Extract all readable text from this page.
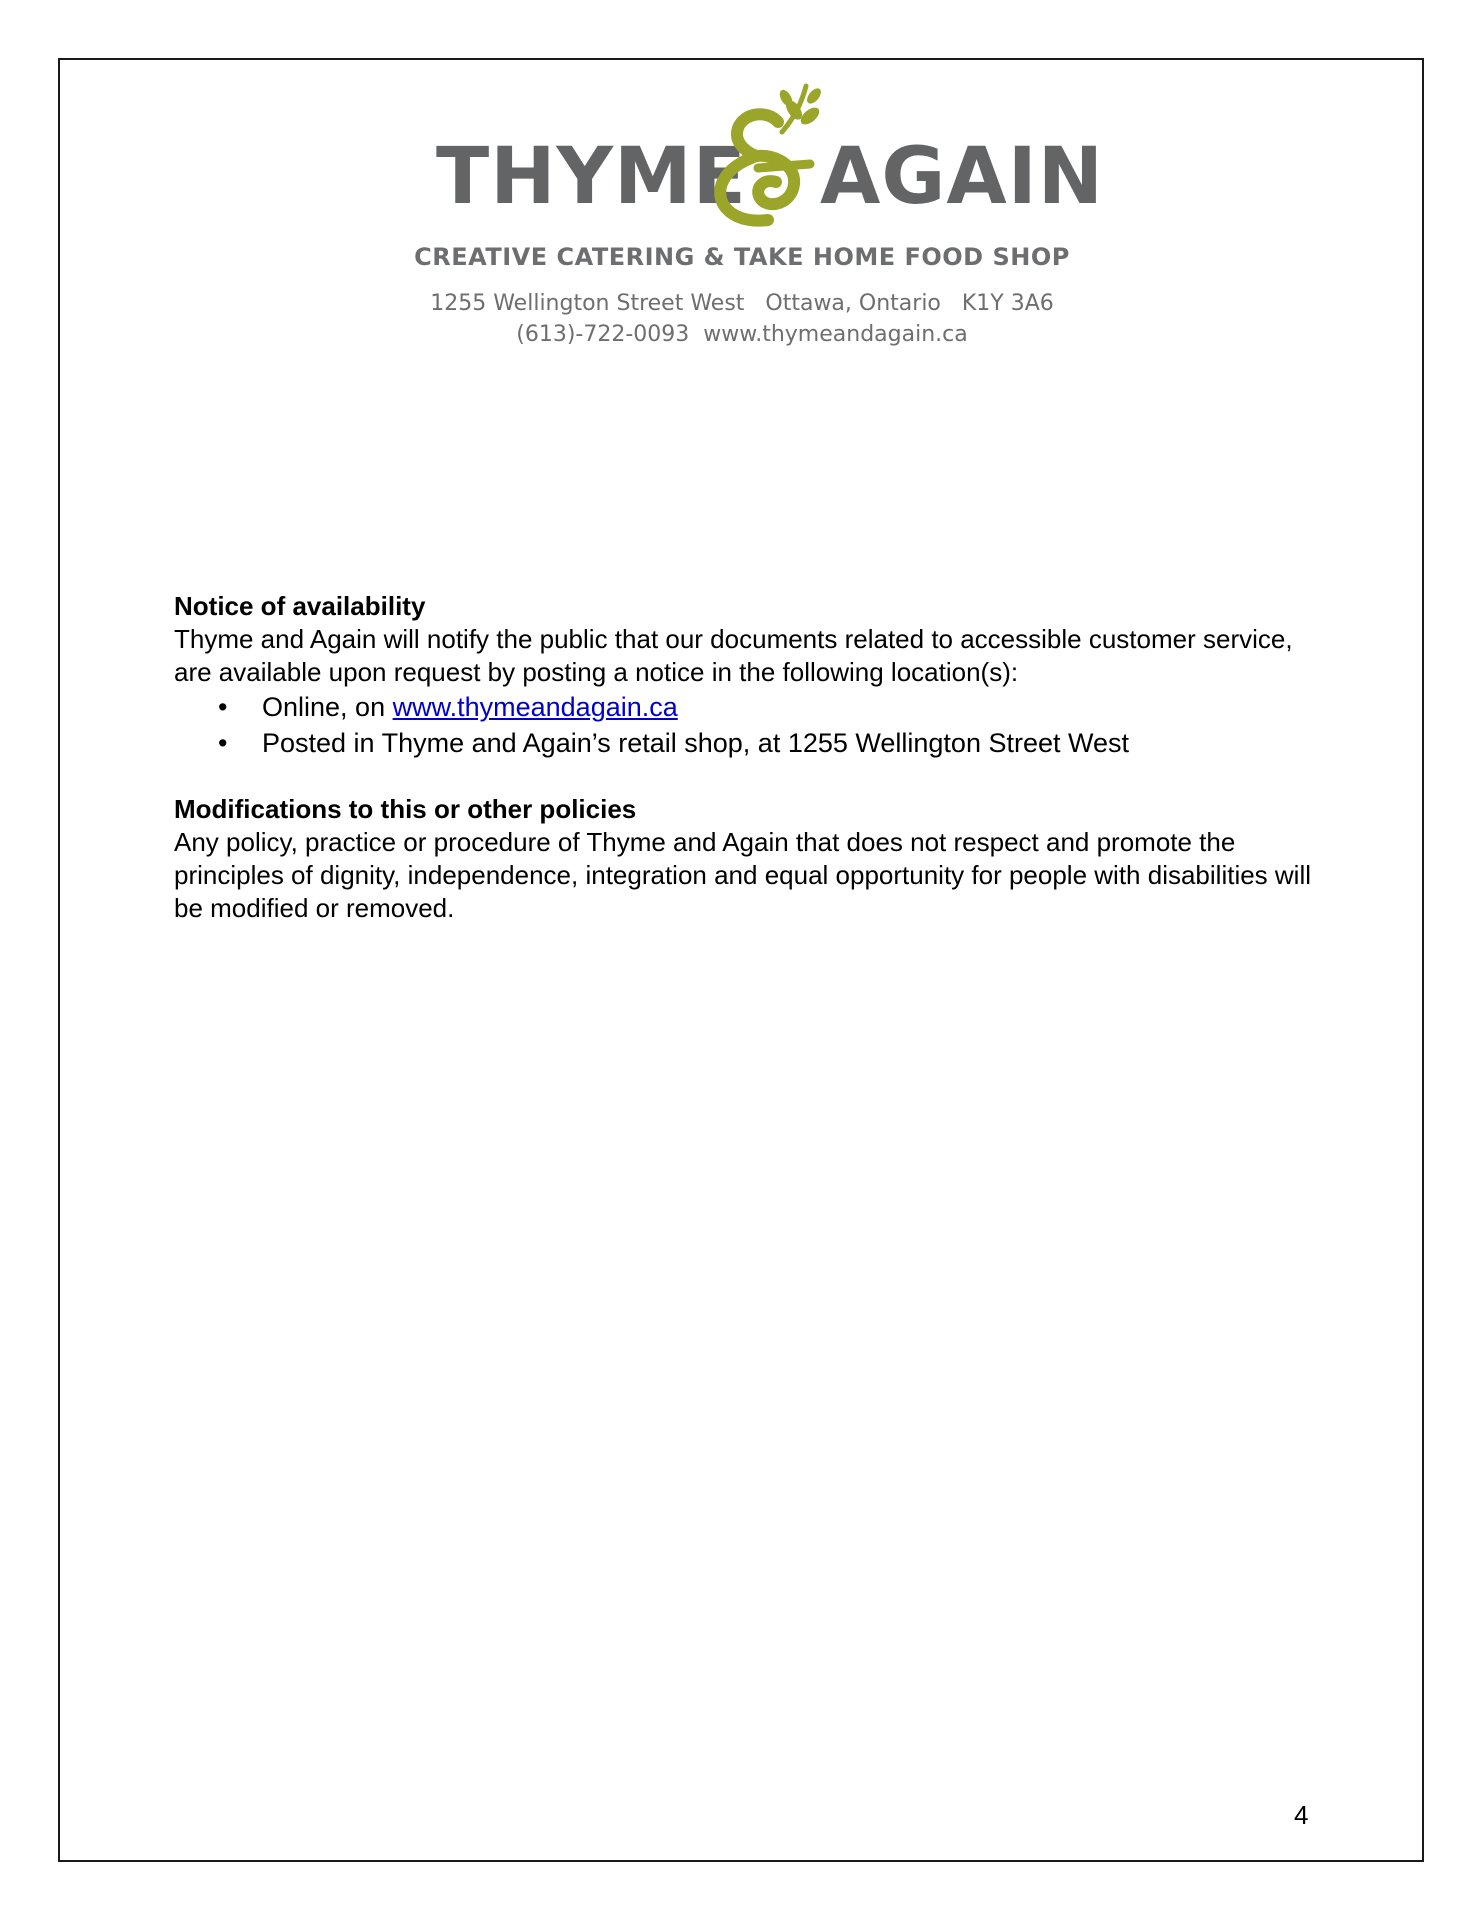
THYME AGAIN
CREATIVE CATERING & TAKE HOME FOOD SHOP
1255 Wellington Street West   Ottawa, Ontario   K1Y 3A6
(613)-722-0093  www.thymeandagain.ca

Notice of availability

Thyme and Again will notify the public that our documents related to accessible customer service, are available upon request by posting a notice in the following location(s):

• Online, on www.thymeandagain.ca
• Posted in Thyme and Again’s retail shop, at 1255 Wellington Street West

Modifications to this or other policies

Any policy, practice or procedure of Thyme and Again that does not respect and promote the principles of dignity, independence, integration and equal opportunity for people with disabilities will be modified or removed.

4
